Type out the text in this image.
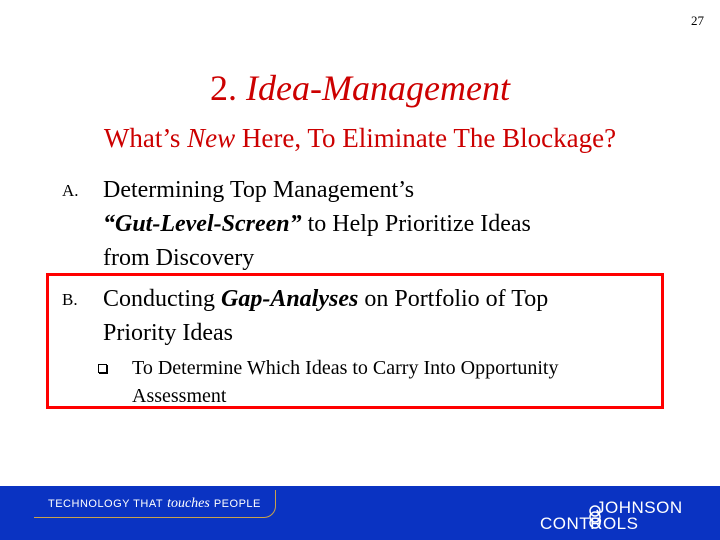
27
2. Idea-Management
What’s New Here, To Eliminate The Blockage?
A. Determining Top Management’s
“Gut-Level-Screen” to Help Prioritize Ideas
from Discovery
B. Conducting Gap-Analyses on Portfolio of Top
Priority Ideas
To Determine Which Ideas to Carry Into Opportunity
Assessment
TECHNOLOGY THAT touches PEOPLE	JOHNSON
CONTROLS
